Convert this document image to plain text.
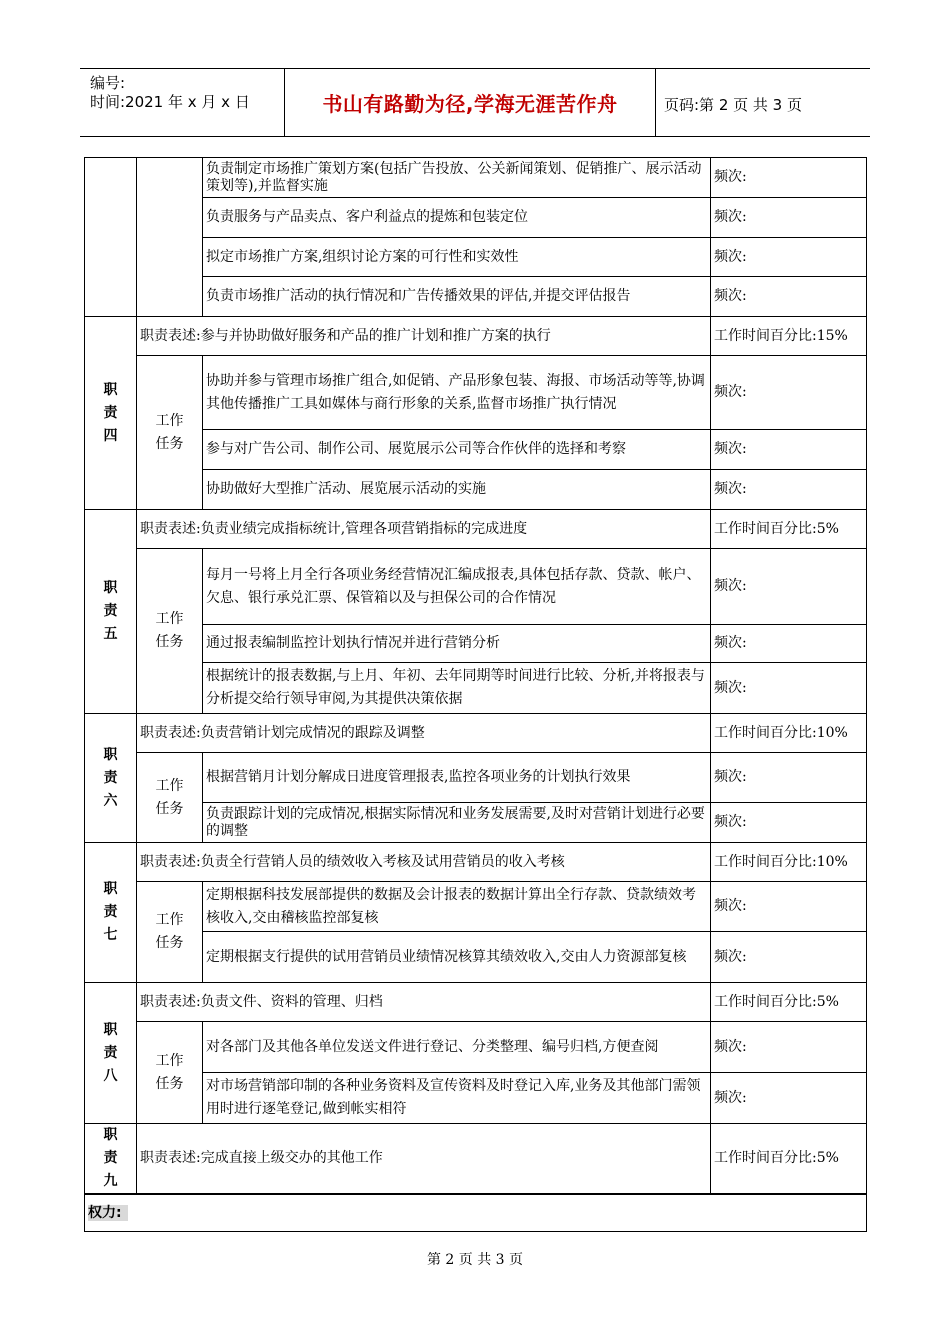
编号:
时间:2021 年 x 月 x 日	书山有路勤为径,学海无涯苦作舟	页码:第 2 页 共 3 页
		负责制定市场推广策划方案(包括广告投放、公关新闻策划、促销推广、展示活动策划等),并监督实施	频次:
		负责服务与产品卖点、客户利益点的提炼和包装定位	频次:
		拟定市场推广方案,组织讨论方案的可行性和实效性	频次:
		负责市场推广活动的执行情况和广告传播效果的评估,并提交评估报告	频次:
职
责
四	职责表述:参与并协助做好服务和产品的推广计划和推广方案的执行		工作时间百分比:15%
	工作
任务	协助并参与管理市场推广组合,如促销、产品形象包装、海报、市场活动等等,协调其他传播推广工具如媒体与商行形象的关系,监督市场推广执行情况	频次:
		参与对广告公司、制作公司、展览展示公司等合作伙伴的选择和考察	频次:
		协助做好大型推广活动、展览展示活动的实施	频次:
职
责
五	职责表述:负责业绩完成指标统计,管理各项营销指标的完成进度		工作时间百分比:5%
	工作
任务	每月一号将上月全行各项业务经营情况汇编成报表,具体包括存款、贷款、帐户、欠息、银行承兑汇票、保管箱以及与担保公司的合作情况	频次:
		通过报表编制监控计划执行情况并进行营销分析	频次:
		根据统计的报表数据,与上月、年初、去年同期等时间进行比较、分析,并将报表与分析提交给行领导审阅,为其提供决策依据	频次:
职
责
六	职责表述:负责营销计划完成情况的跟踪及调整		工作时间百分比:10%
	工作
任务	根据营销月计划分解成日进度管理报表,监控各项业务的计划执行效果	频次:
		负责跟踪计划的完成情况,根据实际情况和业务发展需要,及时对营销计划进行必要的调整	频次:
职
责
七	职责表述:负责全行营销人员的绩效收入考核及试用营销员的收入考核		工作时间百分比:10%
	工作
任务	定期根据科技发展部提供的数据及会计报表的数据计算出全行存款、贷款绩效考核收入,交由稽核监控部复核	频次:
		定期根据支行提供的试用营销员业绩情况核算其绩效收入,交由人力资源部复核	频次:
职
责
八	职责表述:负责文件、资料的管理、归档		工作时间百分比:5%
	工作
任务	对各部门及其他各单位发送文件进行登记、分类整理、编号归档,方便查阅	频次:
		对市场营销部印制的各种业务资料及宣传资料及时登记入库,业务及其他部门需领用时进行逐笔登记,做到帐实相符	频次:
职
责
九	职责表述:完成直接上级交办的其他工作		工作时间百分比:5%
权力:			
第 2 页 共 3 页
